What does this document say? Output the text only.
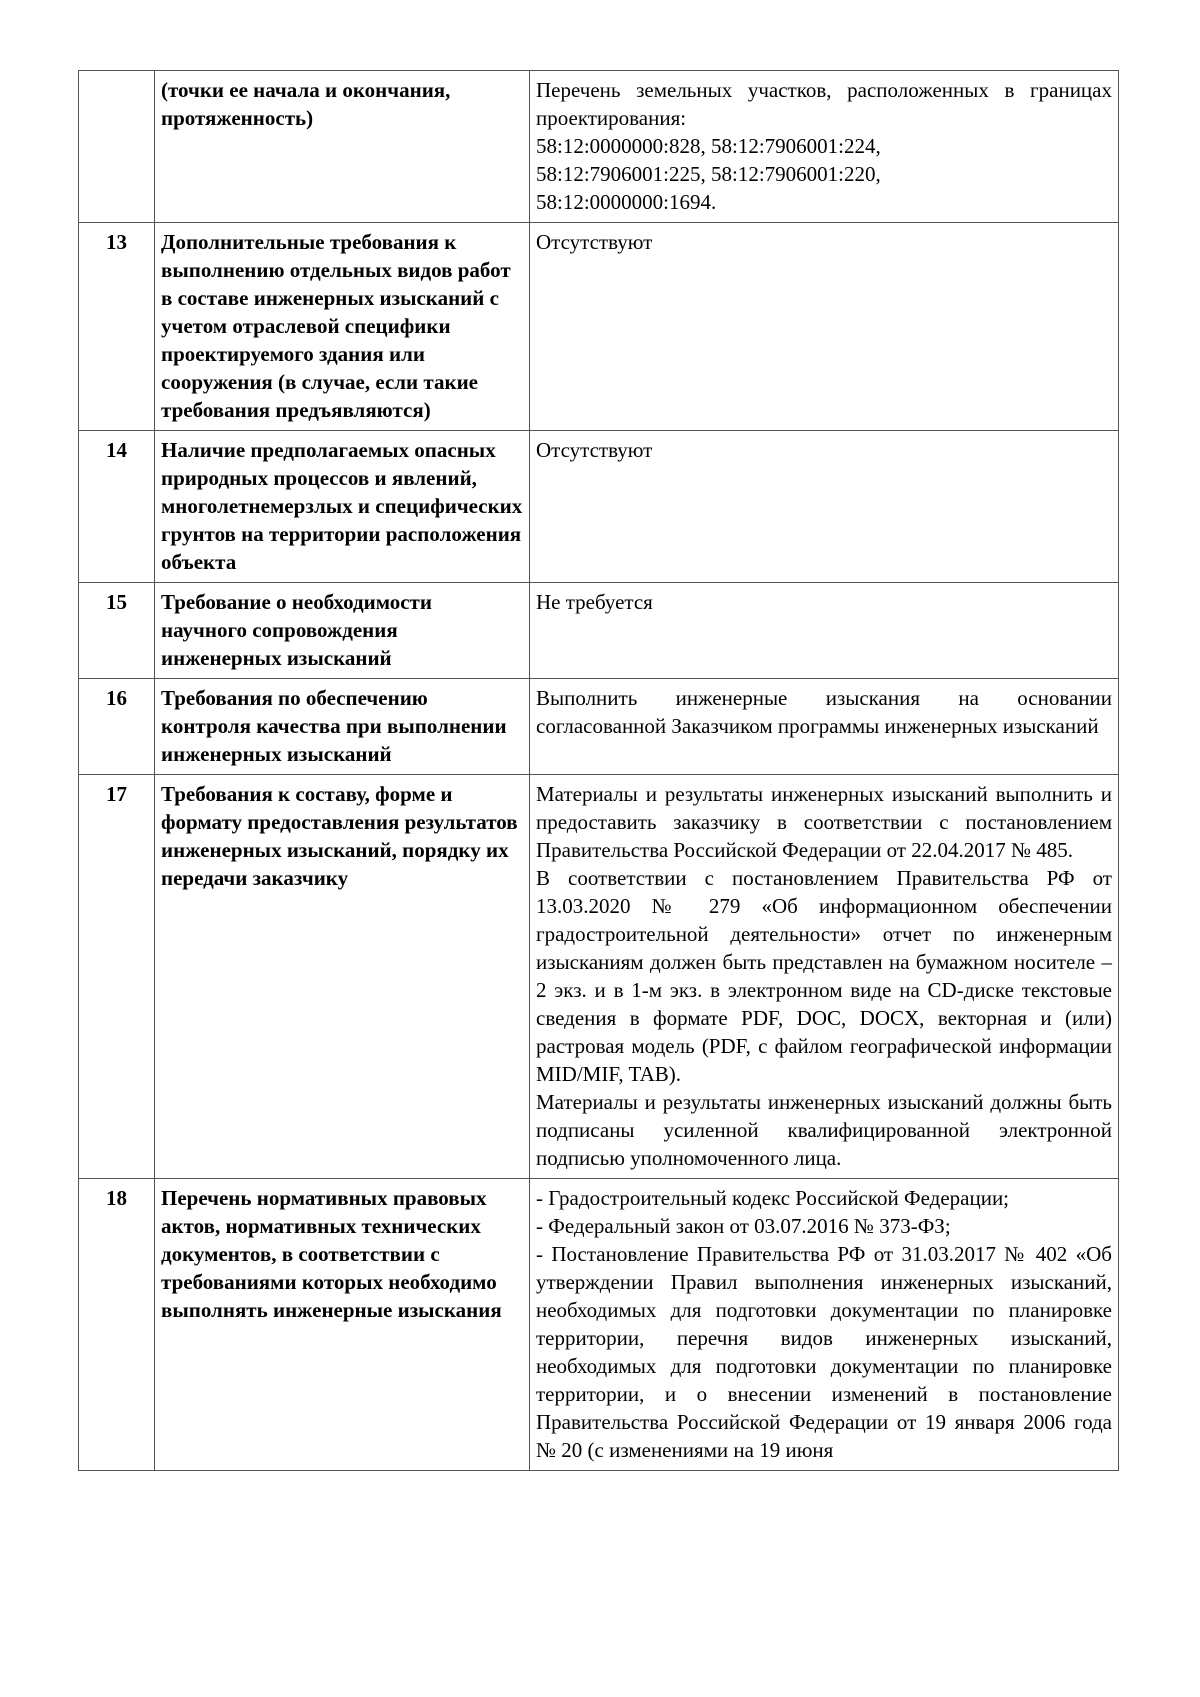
	(точки ее начала и окончания, протяженность)	Перечень земельных участков, расположенных в границах проектирования:
58:12:0000000:828, 58:12:7906001:224,
58:12:7906001:225, 58:12:7906001:220,
58:12:0000000:1694.

13	Дополнительные требования к выполнению отдельных видов работ в составе инженерных изысканий с учетом отраслевой специфики проектируемого здания или сооружения (в случае, если такие требования предъявляются)	Отсутствуют

14	Наличие предполагаемых опасных природных процессов и явлений, многолетнемерзлых и специфических грунтов на территории расположения объекта	Отсутствуют

15	Требование о необходимости научного сопровождения инженерных изысканий	Не требуется

16	Требования по обеспечению контроля качества при выполнении инженерных изысканий	Выполнить инженерные изыскания на основании согласованной Заказчиком программы инженерных изысканий

17	Требования к составу, форме и формату предоставления результатов инженерных изысканий, порядку их передачи заказчику	Материалы и результаты инженерных изысканий выполнить и предоставить заказчику в соответствии с постановлением Правительства Российской Федерации от 22.04.2017 № 485.
В соответствии с постановлением Правительства РФ от 13.03.2020 № 279 «Об информационном обеспечении градостроительной деятельности» отчет по инженерным изысканиям должен быть представлен на бумажном носителе – 2 экз. и в 1-м экз. в электронном виде на CD-диске текстовые сведения в формате PDF, DOC, DOCX, векторная и (или) растровая модель (PDF, с файлом географической информации MID/MIF, TAB).
Материалы и результаты инженерных изысканий должны быть подписаны усиленной квалифицированной электронной подписью уполномоченного лица.

18	Перечень нормативных правовых актов, нормативных технических документов, в соответствии с требованиями которых необходимо выполнять инженерные изыскания	- Градостроительный кодекс Российской Федерации;
- Федеральный закон от 03.07.2016 № 373-ФЗ;
- Постановление Правительства РФ от 31.03.2017 № 402 «Об утверждении Правил выполнения инженерных изысканий, необходимых для подготовки документации по планировке территории, перечня видов инженерных изысканий, необходимых для подготовки документации по планировке территории, и о внесении изменений в постановление Правительства Российской Федерации от 19 января 2006 года № 20 (с изменениями на 19 июня
